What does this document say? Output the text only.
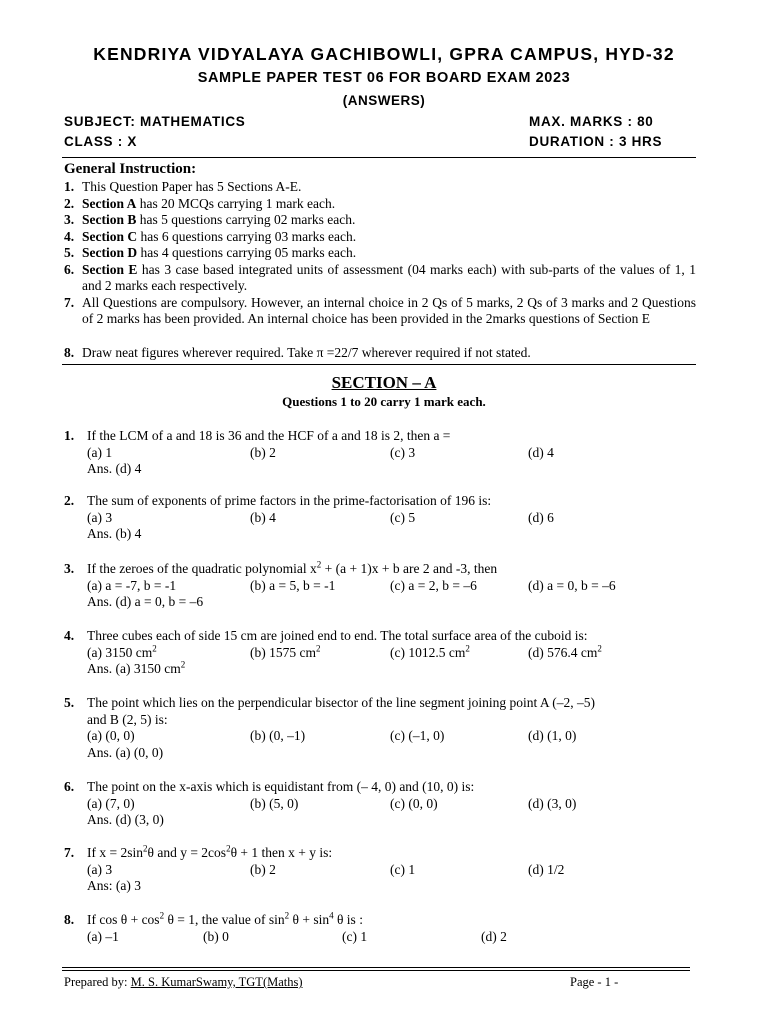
KENDRIYA VIDYALAYA GACHIBOWLI, GPRA CAMPUS, HYD-32
SAMPLE PAPER TEST 06 FOR BOARD EXAM 2023
(ANSWERS)
SUBJECT: MATHEMATICS	MAX. MARKS : 80
CLASS : X	DURATION : 3 HRS
General Instruction:
1. This Question Paper has 5 Sections A-E.
2. Section A has 20 MCQs carrying 1 mark each.
3. Section B has 5 questions carrying 02 marks each.
4. Section C has 6 questions carrying 03 marks each.
5. Section D has 4 questions carrying 05 marks each.
6. Section E has 3 case based integrated units of assessment (04 marks each) with sub-parts of the values of 1, 1 and 2 marks each respectively.
7. All Questions are compulsory. However, an internal choice in 2 Qs of 5 marks, 2 Qs of 3 marks and 2 Questions of 2 marks has been provided. An internal choice has been provided in the 2marks questions of Section E
8. Draw neat figures wherever required. Take π =22/7 wherever required if not stated.
SECTION – A
Questions 1 to 20 carry 1 mark each.
1. If the LCM of a and 18 is 36 and the HCF of a and 18 is 2, then a =
(a) 1	(b) 2	(c) 3	(d) 4
Ans. (d) 4
2. The sum of exponents of prime factors in the prime-factorisation of 196 is:
(a) 3	(b) 4	(c) 5	(d) 6
Ans. (b) 4
3. If the zeroes of the quadratic polynomial $x^2 + (a + 1)x + b$ are 2 and -3, then
(a) a = -7, b = -1	(b) a = 5, b = -1	(c) a = 2, b = –6	(d) a = 0, b = –6
Ans. (d) a = 0, b = –6
4. Three cubes each of side 15 cm are joined end to end. The total surface area of the cuboid is:
(a) 3150 $cm^2$	(b) 1575 $cm^2$	(c) 1012.5 $cm^2$	(d) 576.4 $cm^2$
Ans. (a) 3150 $cm^2$
5. The point which lies on the perpendicular bisector of the line segment joining point A (–2, –5)
and B (2, 5) is:
(a) (0, 0)	(b) (0, –1)	(c) (–1, 0)	(d) (1, 0)
Ans. (a) (0, 0)
6. The point on the x-axis which is equidistant from (– 4, 0) and (10, 0) is:
(a) (7, 0)	(b) (5, 0)	(c) (0, 0)	(d) (3, 0)
Ans. (d) (3, 0)
7. If $x = 2\sin^2\theta$ and $y = 2\cos^2\theta + 1$ then x + y is:
(a) 3	(b) 2	(c) 1	(d) 1/2
Ans: (a) 3
8. If $\cos \theta + \cos^2 \theta = 1$, the value of $\sin^2 \theta + \sin^4 \theta$ is :
(a) –1	(b) 0	(c) 1	(d) 2
Prepared by: M. S. KumarSwamy, TGT(Maths)	Page - 1 -
